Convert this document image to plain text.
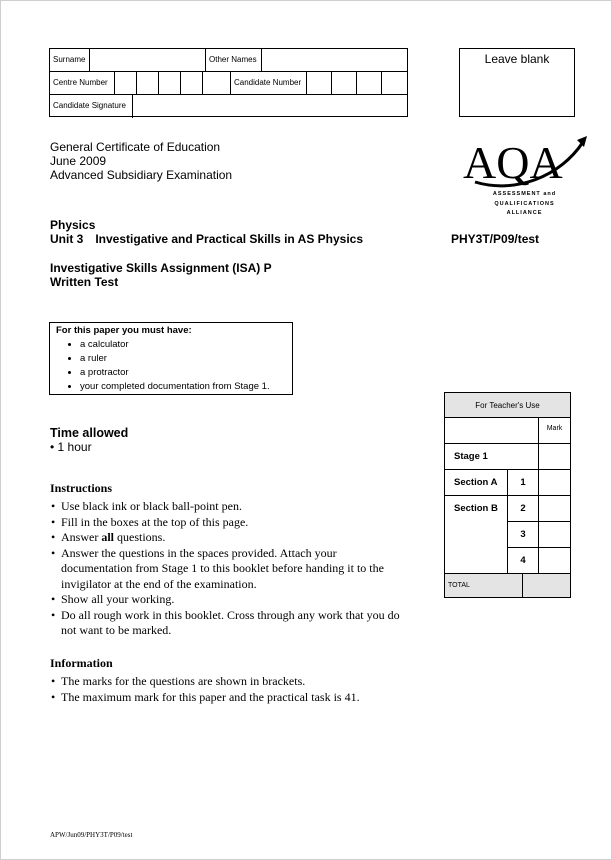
Surname	Other Names
Centre Number	Candidate Number
Candidate Signature
Leave blank
General Certificate of Education
June 2009
Advanced Subsidiary Examination	AQA
ASSESSMENT and
QUALIFICATIONS
ALLIANCE
Physics
Unit 3 Investigative and Practical Skills in AS Physics	PHY3T/P09/test
Investigative Skills Assignment (ISA) P
Written Test
For this paper you must have:
• a calculator
• a ruler
• a protractor
• your completed documentation from Stage 1.
Time allowed
• 1 hour
Instructions
• Use black ink or black ball-point pen.
• Fill in the boxes at the top of this page.
• Answer all questions.
• Answer the questions in the spaces provided. Attach your documentation from Stage 1 to this booklet before handing it to the invigilator at the end of the examination.
• Show all your working.
• Do all rough work in this booklet. Cross through any work that you do not want to be marked.
Information
• The marks for the questions are shown in brackets.
• The maximum mark for this paper and the practical task is 41.
For Teacher's Use
Mark
Stage 1
Section A	1
Section B	2
3
4
TOTAL
APW/Jun09/PHY3T/P09/test
